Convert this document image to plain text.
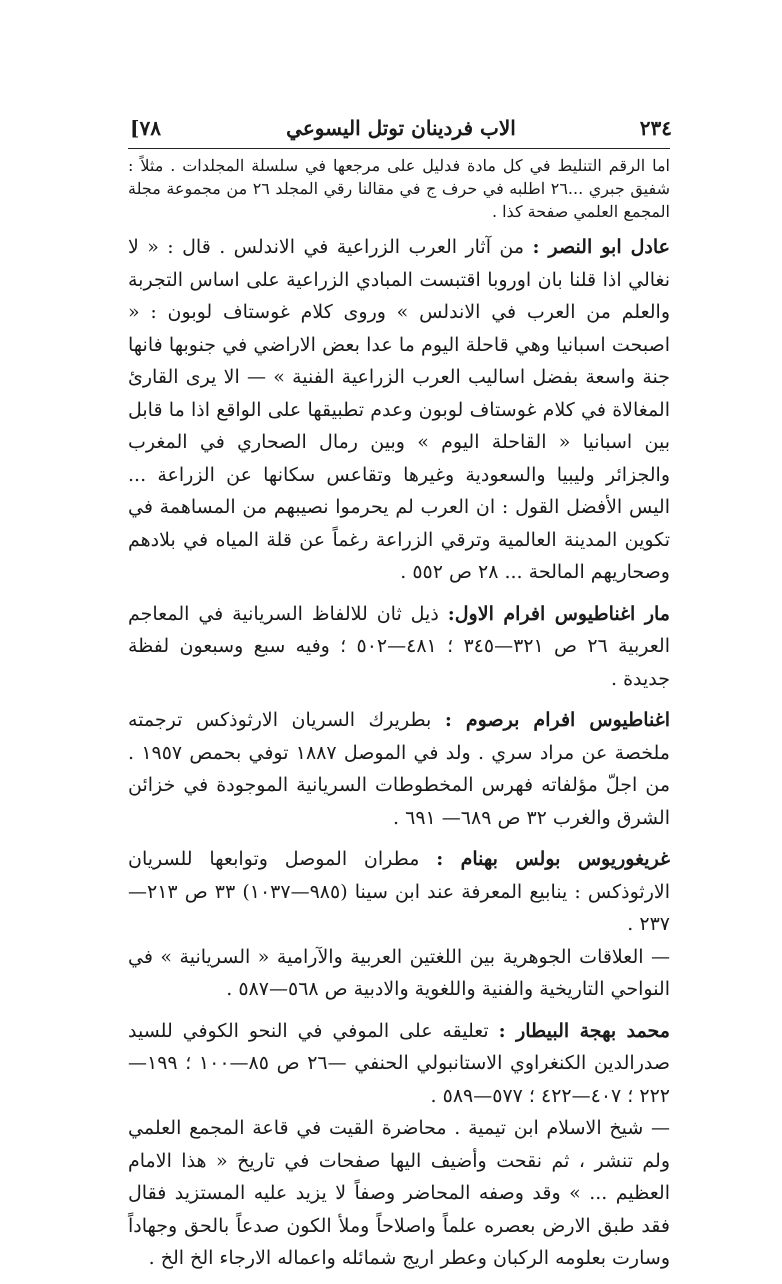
٢٣٤
الاب فردينان توتل اليسوعي
[٧٨

اما الرقم التنليط في كل مادة فدليل على مرجعها في سلسلة المجلدات . مثلاً : شفيق جبري ...٢٦ اطلبه في حرف ج في مقالنا رقي المجلد ٢٦ من مجموعة مجلة المجمع العلمي صفحة كذا .

عادل ابو النصر : من آثار العرب الزراعية في الاندلس . قال : « لا نغالي اذا قلنا بان اوروبا اقتبست المبادي الزراعية على اساس التجربة والعلم من العرب في الاندلس » وروى كلام غوستاف لوبون : « اصبحت اسبانيا وهي قاحلة اليوم ما عدا بعض الاراضي في جنوبها فانها جنة واسعة بفضل اساليب العرب الزراعية الفنية » — الا يرى القارئ المغالاة في كلام غوستاف لوبون وعدم تطبيقها على الواقع اذا ما قابل بين اسبانيا « القاحلة اليوم » وبين رمال الصحاري في المغرب والجزائر وليبيا والسعودية وغيرها وتقاعس سكانها عن الزراعة ... اليس الأفضل القول : ان العرب لم يحرموا نصيبهم من المساهمة في تكوين المدينة العالمية وترقي الزراعة رغماً عن قلة المياه في بلادهم وصحاريهم المالحة ... ٢٨ ص ٥٥٢ .

مار اغناطيوس افرام الاول: ذيل ثان للالفاظ السريانية في المعاجم العربية ٢٦ ص ٣٢١—٣٤٥ ؛ ٤٨١—٥٠٢ ؛ وفيه سبع وسبعون لفظة جديدة .

اغناطيوس افرام برصوم : بطريرك السريان الارثوذكس ترجمته ملخصة عن مراد سري . ولد في الموصل ١٨٨٧ توفي بحمص ١٩٥٧ . من اجلّ مؤلفاته فهرس المخطوطات السريانية الموجودة في خزائن الشرق والغرب ٣٢ ص ٦٨٩— ٦٩١ .

غريغوريوس بولس بهنام : مطران الموصل وتوابعها للسريان الارثوذكس : ينابيع المعرفة عند ابن سينا (٩٨٥—١٠٣٧) ٣٣ ص ٢١٣—٢٣٧ .
— العلاقات الجوهرية بين اللغتين العربية والآرامية « السريانية » في النواحي التاريخية والفنية واللغوية والادبية ص ٥٦٨—٥٨٧ .

محمد بهجة البيطار : تعليقه على الموفي في النحو الكوفي للسيد صدرالدين الكنغراوي الاستانبولي الحنفي —٢٦ ص ٨٥—١٠٠ ؛ ١٩٩—٢٢٢ ؛ ٤٠٧—٤٢٢ ؛ ٥٧٧—٥٨٩ .
— شيخ الاسلام ابن تيمية . محاضرة القيت في قاعة المجمع العلمي ولم تنشر ، ثم نقحت وأضيف اليها صفحات في تاريخ « هذا الامام العظيم ... » وقد وصفه المحاضر وصفاً لا يزيد عليه المستزيد فقال فقد طبق الارض بعصره علماً واصلاحاً وملأ الكون صدعاً بالحق وجهاداً وسارت بعلومه الركبان وعطر اريج شمائله واعماله الارجاء الخ الخ .
